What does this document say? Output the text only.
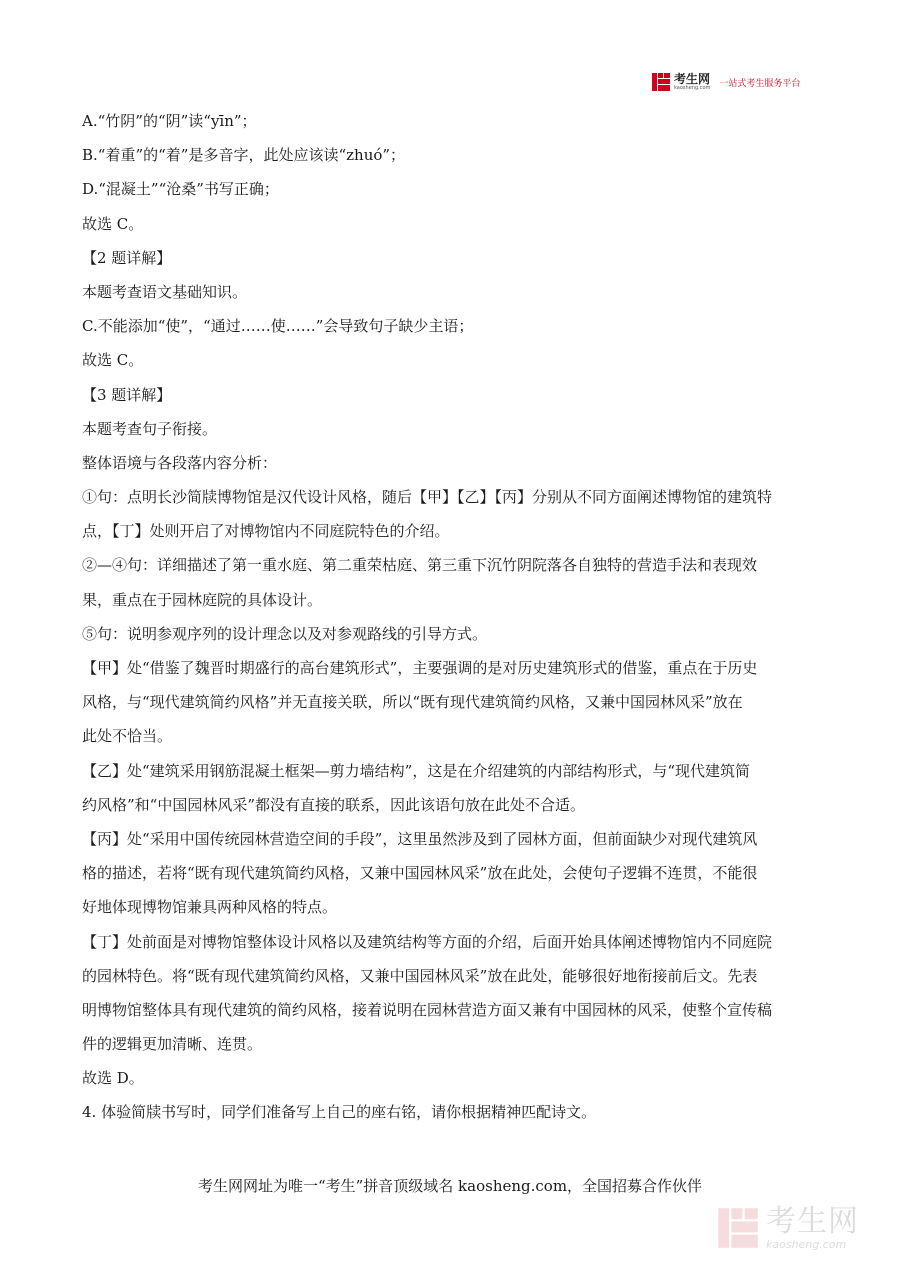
考生网
kaosheng.com 一站式考生服务平台
A.“竹阴”的“阴”读“yīn”；
B.“着重”的“着”是多音字，此处应该读“zhuó”；
D.“混凝土”“沧桑”书写正确；
故选 C。
【2 题详解】
本题考查语文基础知识。
C.不能添加“使”，“通过……使……”会导致句子缺少主语；
故选 C。
【3 题详解】
本题考查句子衔接。
整体语境与各段落内容分析：
①句：点明长沙简牍博物馆是汉代设计风格，随后【甲】【乙】【丙】分别从不同方面阐述博物馆的建筑特
点，【丁】处则开启了对博物馆内不同庭院特色的介绍。
②—④句：详细描述了第一重水庭、第二重荣枯庭、第三重下沉竹阴院落各自独特的营造手法和表现效
果，重点在于园林庭院的具体设计。
⑤句：说明参观序列的设计理念以及对参观路线的引导方式。
【甲】处“借鉴了魏晋时期盛行的高台建筑形式”，主要强调的是对历史建筑形式的借鉴，重点在于历史
风格，与“现代建筑简约风格”并无直接关联，所以“既有现代建筑简约风格，又兼中国园林风采”放在
此处不恰当。
【乙】处“建筑采用钢筋混凝土框架—剪力墙结构”，这是在介绍建筑的内部结构形式，与“现代建筑简
约风格”和“中国园林风采”都没有直接的联系，因此该语句放在此处不合适。
【丙】处“采用中国传统园林营造空间的手段”，这里虽然涉及到了园林方面，但前面缺少对现代建筑风
格的描述，若将“既有现代建筑简约风格，又兼中国园林风采”放在此处，会使句子逻辑不连贯，不能很
好地体现博物馆兼具两种风格的特点。
【丁】处前面是对博物馆整体设计风格以及建筑结构等方面的介绍，后面开始具体阐述博物馆内不同庭院
的园林特色。将“既有现代建筑简约风格，又兼中国园林风采”放在此处，能够很好地衔接前后文。先表
明博物馆整体具有现代建筑的简约风格，接着说明在园林营造方面又兼有中国园林的风采，使整个宣传稿
件的逻辑更加清晰、连贯。
故选 D。
4. 体验简牍书写时，同学们准备写上自己的座右铭，请你根据精神匹配诗文。
考生网网址为唯一“考生”拼音顶级域名 kaosheng.com，全国招募合作伙伴
考生网
kaosheng.com
